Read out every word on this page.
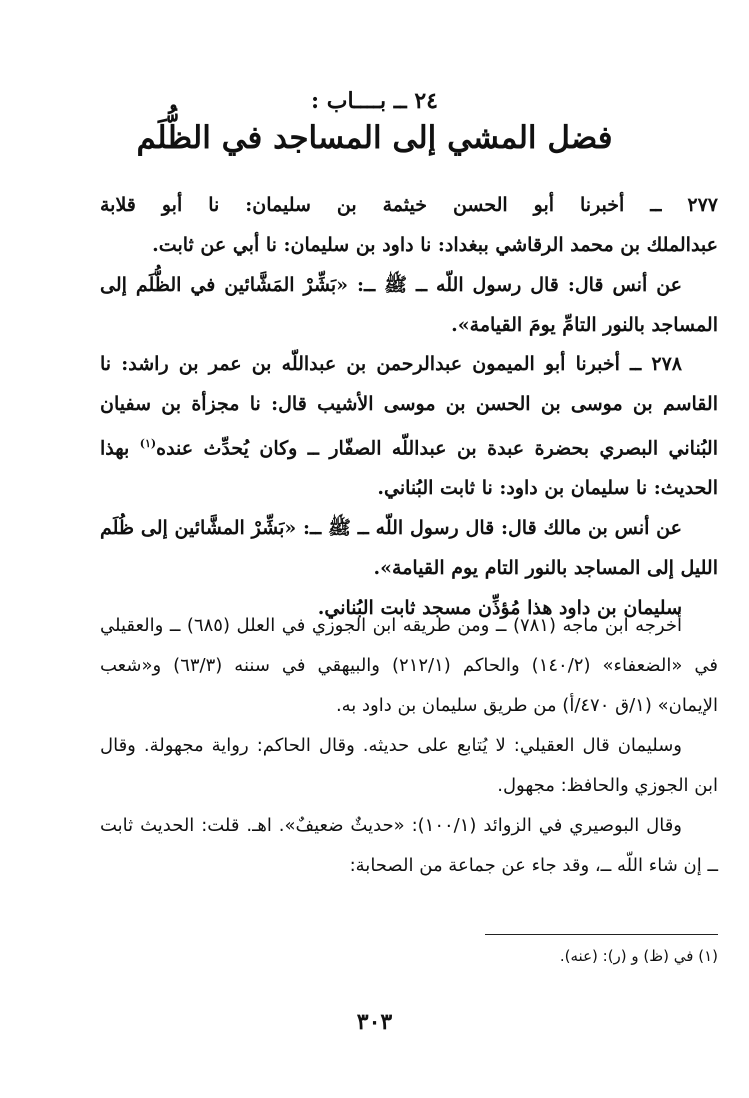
٢٤ ــ بــــاب :
فضل المشي إلى المساجد في الظُّلَم

٢٧٧ ــ أخبرنا أبو الحسن خيثمة بن سليمان: نا أبو قلابة

عبدالملك بن محمد الرقاشي ببغداد: نا داود بن سليمان: نا أبي عن ثابت.

عن أنس قال: قال رسول اللّه ــ ﷺ ــ: «بَشِّرْ المَشَّائين في الظُّلَم إلى المساجد بالنور التامِّ يومَ القيامة».

٢٧٨ ــ أخبرنا أبو الميمون عبدالرحمن بن عبداللّه بن عمر بن راشد: نا القاسم بن موسى بن الحسن بن موسى الأشيب قال: نا مجزأة بن سفيان البُناني البصري بحضرة عبدة بن عبداللّه الصفّار ــ وكان يُحدِّث عنده$^{(١)}$ بهذا الحديث: نا سليمان بن داود: نا ثابت البُناني.

عن أنس بن مالك قال: قال رسول اللّه ــ ﷺ ــ: «بَشِّرْ المشَّائين إلى ظُلَم الليل إلى المساجد بالنور التام يوم القيامة».

سليمان بن داود هذا مُؤذِّن مسجد ثابت البُناني.

أخرجه ابن ماجه (٧٨١) ــ ومن طريقه ابن الجوزي في العلل (٦٨٥) ــ والعقيلي في «الضعفاء» (١٤٠/٢) والحاكم (٢١٢/١) والبيهقي في سننه (٦٣/٣) و«شعب الإيمان» (١/ق ٤٧٠/أ) من طريق سليمان بن داود به.

وسليمان قال العقيلي: لا يُتابع على حديثه. وقال الحاكم: رواية مجهولة. وقال ابن الجوزي والحافظ: مجهول.

وقال البوصيري في الزوائد (١٠٠/١): «حديثٌ ضعيفٌ». اهـ. قلت: الحديث ثابت ــ إن شاء اللّه ــ، وقد جاء عن جماعة من الصحابة:

(١) في (ظ) و (ر): (عنه).
٣٠٣
